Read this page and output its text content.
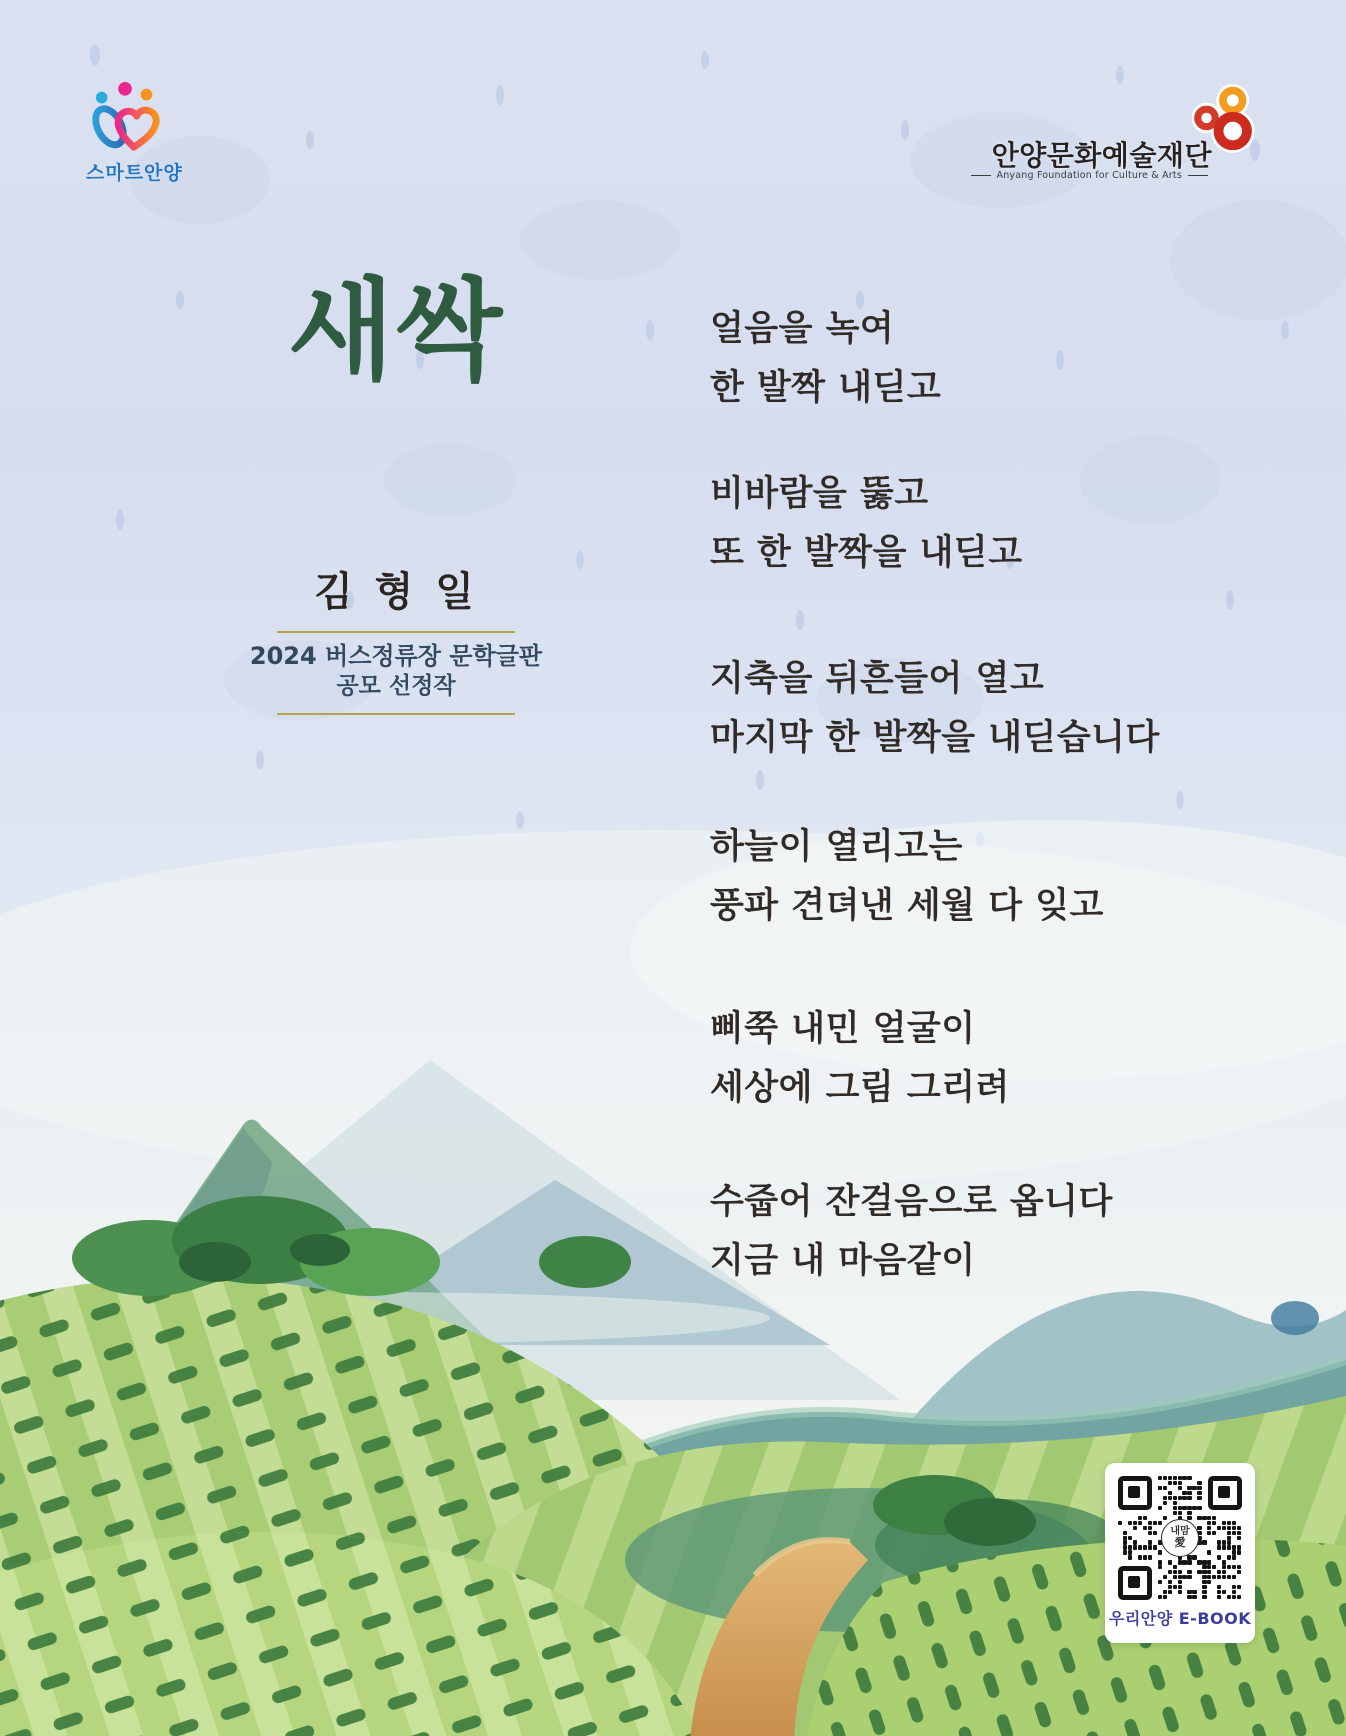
스마트안양
안양문화예술재단
Anyang Foundation for Culture & Arts
새싹
김 형 일
2024 버스정류장 문학글판
공모 선정작
얼음을 녹여
한 발짝 내딛고
비바람을 뚫고
또 한 발짝을 내딛고
지축을 뒤흔들어 열고
마지막 한 발짝을 내딛습니다
하늘이 열리고는
풍파 견뎌낸 세월 다 잊고
삐쭉 내민 얼굴이
세상에 그림 그리려
수줍어 잔걸음으로 옵니다
지금 내 마음같이
내맘
愛
우리안양 E-BOOK
